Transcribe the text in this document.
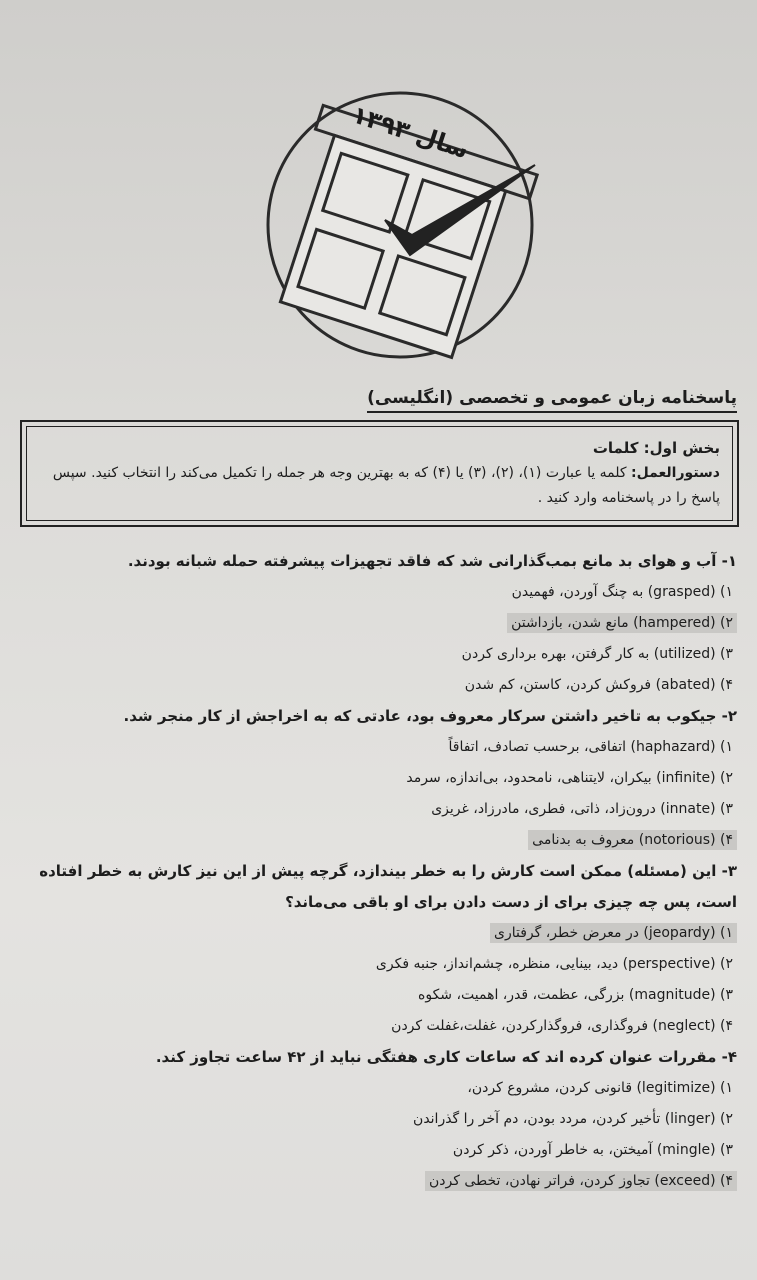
سال ۱۳۹۳
پاسخنامه زبان عمومی و تخصصی (انگلیسی)
بخش اول: کلمات
دستورالعمل: کلمه یا عبارت (۱)، (۲)، (۳) یا (۴) که به بهترین وجه هر جمله را تکمیل می‌کند را انتخاب کنید. سپس پاسخ را در پاسخنامه وارد کنید .
۱- آب و هوای بد مانع بمب‌گذارانی شد که فاقد تجهیزات پیشرفته حمله شبانه بودند.
۱) (grasped) به چنگ آوردن، فهمیدن
۲) (hampered) مانع شدن، بازداشتن
۳) (utilized) به کار گرفتن، بهره برداری کردن
۴) (abated) فروکش کردن، کاستن، کم شدن
۲- جیکوب به تاخیر داشتن سرکار معروف بود، عادتی که به اخراجش از کار منجر شد.
۱) (haphazard) اتفاقی، برحسب تصادف، اتفاقاً
۲) (infinite) بیکران، لایتناهی، نامحدود، بی‌اندازه، سرمد
۳) (innate) درون‌زاد، ذاتی، فطری، مادرزاد، غریزی
۴) (notorious) معروف به بدنامی
۳- این (مسئله) ممکن است کارش را به خطر بیندازد، گرچه پیش از این نیز کارش به خطر افتاده است، پس چه چیزی برای از دست دادن برای او باقی می‌ماند؟
۱) (jeopardy) در معرض خطر، گرفتاری
۲) (perspective) دید، بینایی، منظره، چشم‌انداز، جنبه فکری
۳) (magnitude) بزرگی، عظمت، قدر، اهمیت، شکوه
۴) (neglect) فروگذاری، فروگذارکردن، غفلت،غفلت کردن
۴- مقررات عنوان کرده اند که ساعات کاری هفتگی نباید از ۴۲ ساعت تجاوز کند.
۱) (legitimize) قانونی کردن، مشروع کردن،
۲) (linger) تأخیر کردن، مردد بودن، دم آخر را گذراندن
۳) (mingle) آمیختن، به خاطر آوردن، ذکر کردن
۴) (exceed) تجاوز کردن، فراتر نهادن، تخطی کردن
